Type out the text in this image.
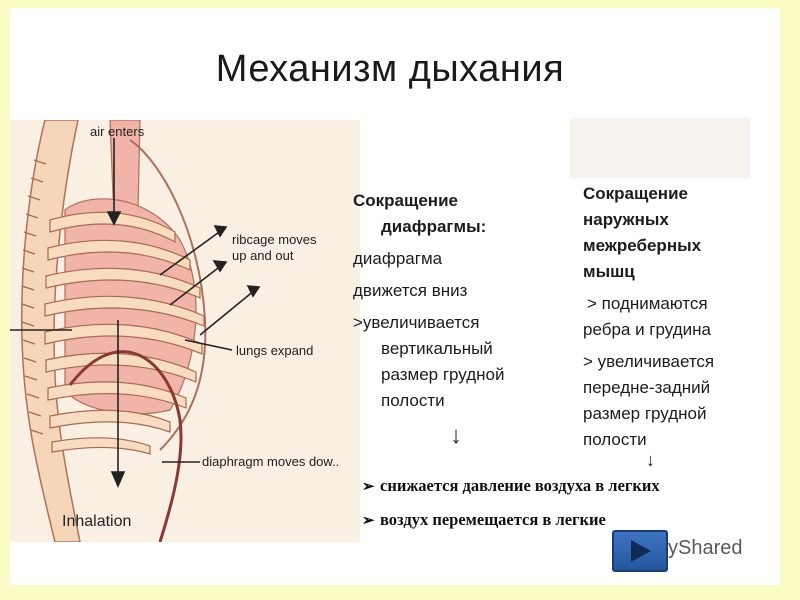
Механизм дыхания
air enters
ribcage moves
up and out
lungs expand
diaphragm moves dow..
Inhalation
Сокращение
диафрагмы:
диафрагма
движется вниз
>увеличивается
вертикальный
размер грудной
полости
↓
Сокращение
наружных
межреберных
мышц
> поднимаются
ребра и грудина
> увеличивается
передне-задний
размер грудной
полости
↓
➢ снижается давление воздуха в легких
➢ воздух перемещается в легкие
yShared
